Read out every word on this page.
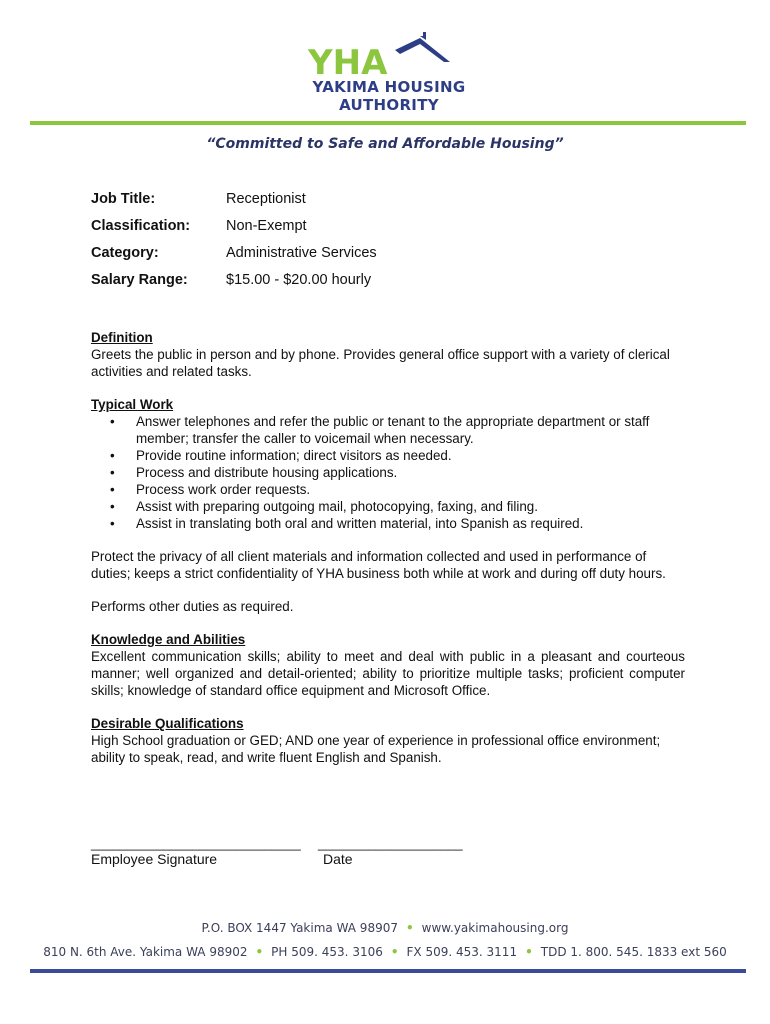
YHA
YAKIMA HOUSING
AUTHORITY
“Committed to Safe and Affordable Housing”
Job Title:	Receptionist
Classification:	Non-Exempt
Category:	Administrative Services
Salary Range:	$15.00 - $20.00 hourly

Definition

Greets the public in person and by phone. Provides general office support with a variety of clerical activities and related tasks.

Typical Work

• Answer telephones and refer the public or tenant to the appropriate department or staff member; transfer the caller to voicemail when necessary.
• Provide routine information; direct visitors as needed.
• Process and distribute housing applications.
• Process work order requests.
• Assist with preparing outgoing mail, photocopying, faxing, and filing.
• Assist in translating both oral and written material, into Spanish as required.

Protect the privacy of all client materials and information collected and used in performance of duties; keeps a strict confidentiality of YHA business both while at work and during off duty hours.

Performs other duties as required.

Knowledge and Abilities

Excellent communication skills; ability to meet and deal with public in a pleasant and courteous manner; well organized and detail-oriented; ability to prioritize multiple tasks; proficient computer skills; knowledge of standard office equipment and Microsoft Office.

Desirable Qualifications

High School graduation or GED; AND one year of experience in professional office environment; ability to speak, read, and write fluent English and Spanish.

_____________________________
Employee Signature
____________________
Date
P.O. BOX 1447 Yakima WA 98907 • www.yakimahousing.org
810 N. 6th Ave. Yakima WA 98902 • PH 509. 453. 3106 • FX 509. 453. 3111 • TDD 1. 800. 545. 1833 ext 560
